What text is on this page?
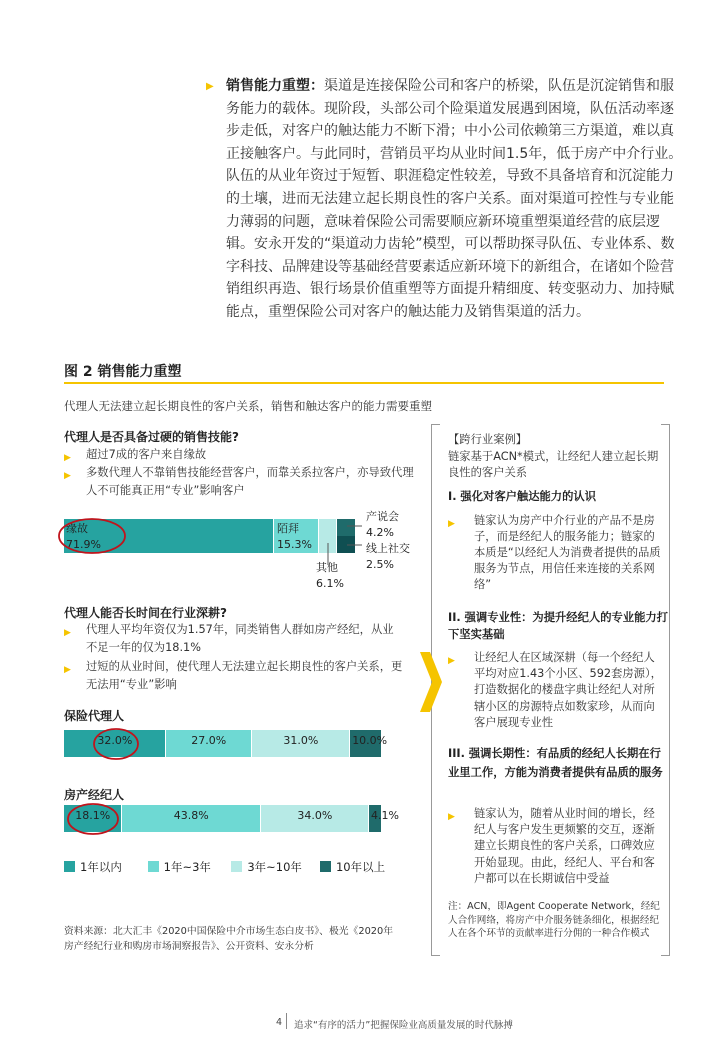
▶ 销售能力重塑：渠道是连接保险公司和客户的桥梁，队伍是沉淀销售和服务能力的载体。现阶段，头部公司个险渠道发展遇到困境，队伍活动率逐步走低，对客户的触达能力不断下滑；中小公司依赖第三方渠道，难以真正接触客户。与此同时，营销员平均从业时间1.5年，低于房产中介行业。队伍的从业年资过于短暂、职涯稳定性较差，导致不具备培育和沉淀能力的土壤，进而无法建立起长期良性的客户关系。面对渠道可控性与专业能力薄弱的问题，意味着保险公司需要顺应新环境重塑渠道经营的底层逻辑。安永开发的“渠道动力齿轮”模型，可以帮助探寻队伍、专业体系、数字科技、品牌建设等基础经营要素适应新环境下的新组合，在诸如个险营销组织再造、银行场景价值重塑等方面提升精细度、转变驱动力、加持赋能点，重塑保险公司对客户的触达能力及销售渠道的活力。

图 2 销售能力重塑
代理人无法建立起长期良性的客户关系，销售和触达客户的能力需要重塑
代理人是否具备过硬的销售技能?
▶ 超过7成的客户来自缘故
▶ 多数代理人不靠销售技能经营客户，而靠关系拉客户，亦导致代理人不可能真正用“专业”影响客户
缘故
71.9%
陌拜
15.3%
产说会
4.2%
线上社交
2.5%
其他
6.1%
代理人能否长时间在行业深耕?
▶ 代理人平均年资仅为1.57年，同类销售人群如房产经纪，从业不足一年的仅为18.1%
▶ 过短的从业时间，使代理人无法建立起长期良性的客户关系，更无法用“专业”影响
保险代理人
32.0%	27.0%	31.0%	10.0%
房产经纪人
18.1%	43.8%	34.0%	4.1%
1年以内	1年~3年	3年~10年	10年以上
资料来源：北大汇丰《2020中国保险中介市场生态白皮书》、极光《2020年房产经纪行业和购房市场洞察报告》、公开资料、安永分析
【跨行业案例】
链家基于ACN*模式，让经纪人建立起长期良性的客户关系
I. 强化对客户触达能力的认识
▶ 链家认为房产中介行业的产品不是房子，而是经纪人的服务能力；链家的本质是“以经纪人为消费者提供的品质服务为节点，用信任来连接的关系网络”
II. 强调专业性：为提升经纪人的专业能力打下坚实基础
▶ 让经纪人在区域深耕（每一个经纪人平均对应1.43个小区、592套房源），打造数据化的楼盘字典让经纪人对所辖小区的房源特点如数家珍，从而向客户展现专业性
III. 强调长期性：有品质的经纪人长期在行业里工作，方能为消费者提供有品质的服务
▶ 链家认为，随着从业时间的增长，经纪人与客户发生更频繁的交互，逐渐建立长期良性的客户关系，口碑效应开始显现。由此，经纪人、平台和客户都可以在长期诚信中受益
注：ACN，即Agent Cooperate Network，经纪人合作网络，将房产中介服务链条细化，根据经纪人在各个环节的贡献率进行分佣的一种合作模式
4 追求“有序的活力”把握保险业高质量发展的时代脉搏
